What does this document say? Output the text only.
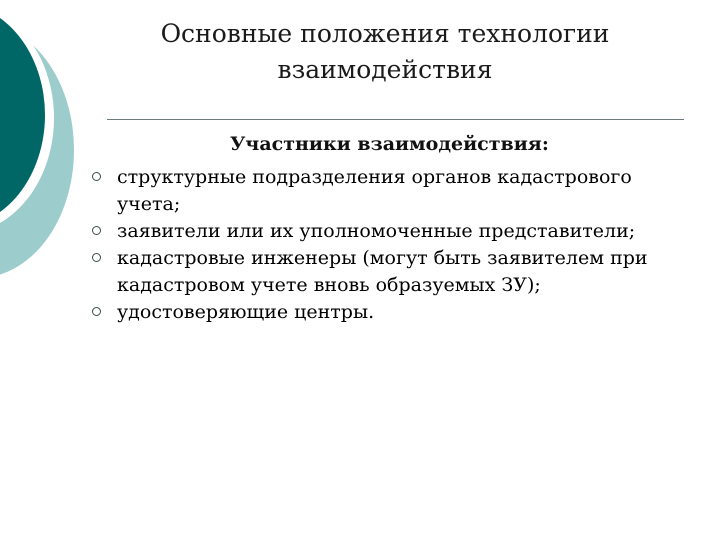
Основные положения технологии
взаимодействия
Участники взаимодействия:
структурные подразделения органов кадастрового учета;
заявители или их уполномоченные представители;
кадастровые инженеры (могут быть заявителем при кадастровом учете вновь образуемых ЗУ);
удостоверяющие центры.
